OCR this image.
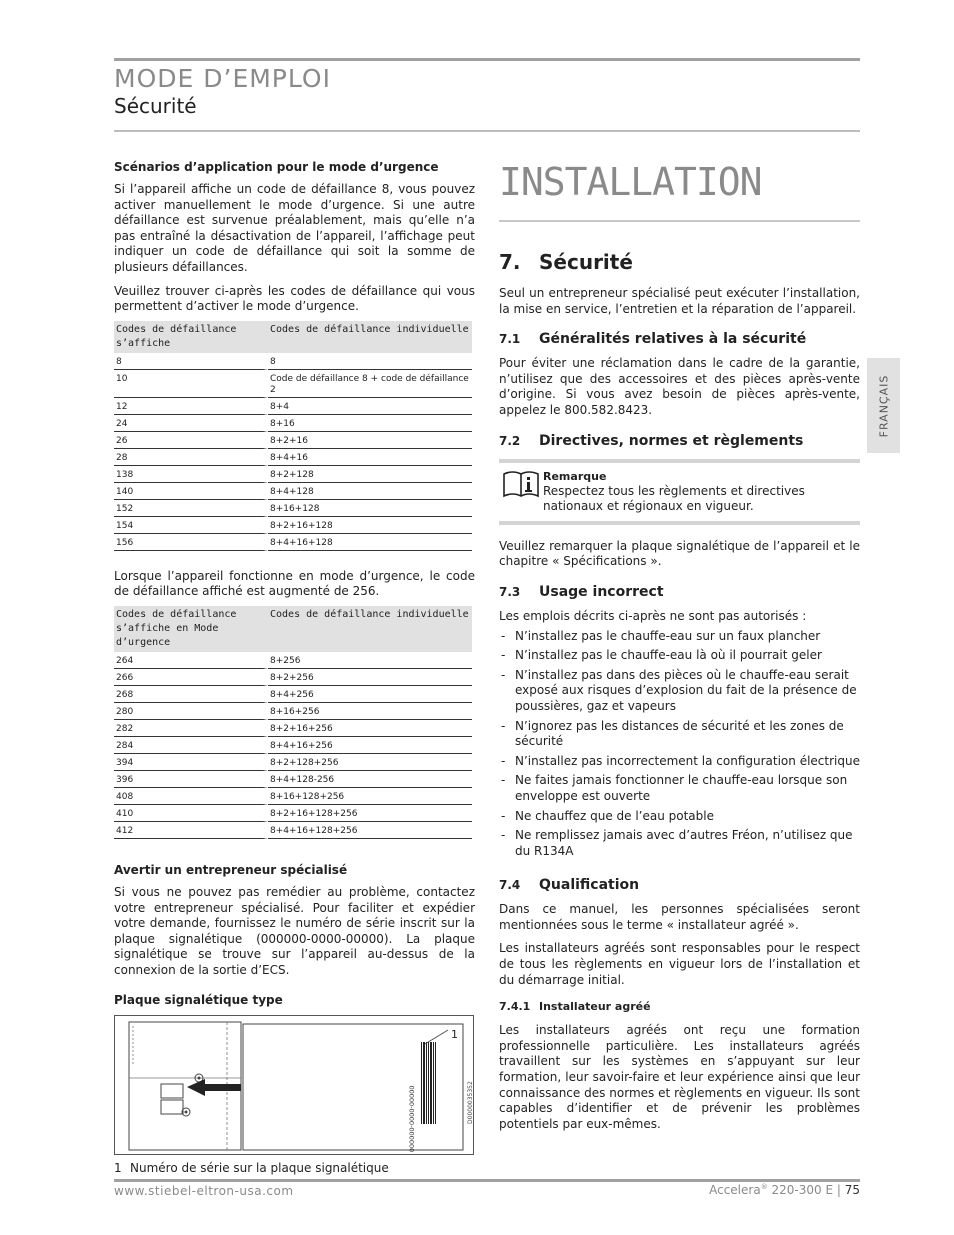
MODE D’EMPLOI
Sécurité
FRANÇAIS
Scénarios d’application pour le mode d’urgence

Si l’appareil affiche un code de défaillance 8, vous pouvez activer manuellement le mode d’urgence. Si une autre défaillance est survenue préalablement, mais qu’elle n’a pas entraîné la désactivation de l’appareil, l’affichage peut indiquer un code de défaillance qui soit la somme de plusieurs défaillances.

Veuillez trouver ci-après les codes de défaillance qui vous permettent d’activer le mode d’urgence.

Codes de défaillance s’affiche	Codes de défaillance individuelle
8	8
10	Code de défaillance 8 + code de défaillance 2
12	8+4
24	8+16
26	8+2+16
28	8+4+16
138	8+2+128
140	8+4+128
152	8+16+128
154	8+2+16+128
156	8+4+16+128

Lorsque l’appareil fonctionne en mode d’urgence, le code de défaillance affiché est augmenté de 256.

Codes de défaillance s’affiche en Mode d’urgence	Codes de défaillance individuelle
264	8+256
266	8+2+256
268	8+4+256
280	8+16+256
282	8+2+16+256
284	8+4+16+256
394	8+2+128+256
396	8+4+128-256
408	8+16+128+256
410	8+2+16+128+256
412	8+4+16+128+256
Avertir un entrepreneur spécialisé

Si vous ne pouvez pas remédier au problème, contactez votre entrepreneur spécialisé. Pour faciliter et expédier votre demande, fournissez le numéro de série inscrit sur la plaque signalétique (000000-0000-00000). La plaque signalétique se trouve sur l’appareil au-dessus de la connexion de la sortie d’ECS.

Plaque signalétique type
1
00000-0000-000000	D0000035352
1 Numéro de série sur la plaque signalétique
INSTALLATION
7. Sécurité

Seul un entrepreneur spécialisé peut exécuter l’installation, la mise en service, l’entretien et la réparation de l’appareil.

7.1 Généralités relatives à la sécurité

Pour éviter une réclamation dans le cadre de la garantie, n’utilisez que des accessoires et des pièces après-vente d’origine. Si vous avez besoin de pièces après-vente, appelez le 800.582.8423.

7.2 Directives, normes et règlements
Remarque
Respectez tous les règlements et directives nationaux et régionaux en vigueur.

Veuillez remarquer la plaque signalétique de l’appareil et le chapitre « Spécifications ».

7.3 Usage incorrect

Les emplois décrits ci-après ne sont pas autorisés :

- N’installez pas le chauffe-eau sur un faux plancher
- N’installez pas le chauffe-eau là où il pourrait geler
- N’installez pas dans des pièces où le chauffe-eau serait exposé aux risques d’explosion du fait de la présence de poussières, gaz et vapeurs
- N’ignorez pas les distances de sécurité et les zones de sécurité
- N’installez pas incorrectement la configuration électrique
- Ne faites jamais fonctionner le chauffe-eau lorsque son enveloppe est ouverte
- Ne chauffez que de l’eau potable
- Ne remplissez jamais avec d’autres Fréon, n’utilisez que du R134A
7.4 Qualification

Dans ce manuel, les personnes spécialisées seront mentionnées sous le terme « installateur agréé ».

Les installateurs agréés sont responsables pour le respect de tous les règlements en vigueur lors de l’installation et du démarrage initial.

7.4.1 Installateur agréé

Les installateurs agréés ont reçu une formation professionnelle particulière. Les installateurs agréés travaillent sur les systèmes en s’appuyant sur leur formation, leur savoir-faire et leur expérience ainsi que leur connaissance des normes et règlements en vigueur. Ils sont capables d’identifier et de prévenir les problèmes potentiels par eux-mêmes.

www.stiebel-eltron-usa.com	Accelera® 220-300 E | 75
